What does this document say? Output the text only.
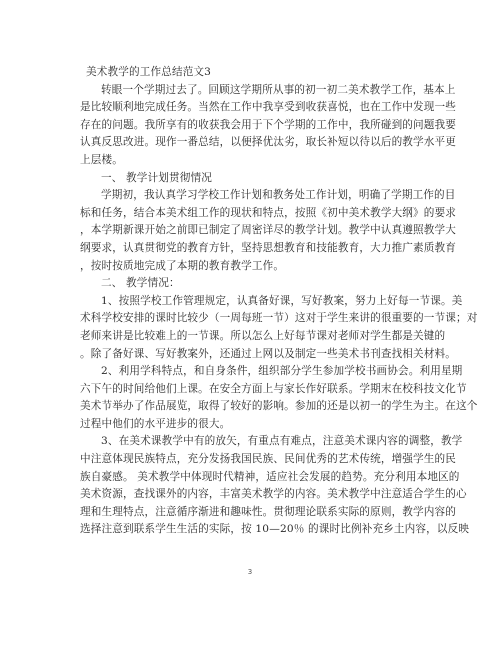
美术教学的工作总结范文3
转眼一个学期过去了。回顾这学期所从事的初一初二美术教学工作，基本上
是比较顺利地完成任务。当然在工作中我享受到收获喜悦，也在工作中发现一些
存在的问题。我所享有的收获我会用于下个学期的工作中，我所碰到的问题我要
认真反思改进。现作一番总结，以便择优汰劣，取长补短以待以后的教学水平更
上层楼。
一、 教学计划贯彻情况
学期初，我认真学习学校工作计划和教务处工作计划，明确了学期工作的目
标和任务，结合本美术组工作的现状和特点，按照《初中美术教学大纲》的要求
，本学期新课开始之前即已制定了周密详尽的教学计划。教学中认真遵照教学大
纲要求，认真贯彻党的教育方针，坚持思想教育和技能教育，大力推广素质教育
，按时按质地完成了本期的教育教学工作。
二、 教学情况：
1、按照学校工作管理规定，认真备好课，写好教案，努力上好每一节课。美
术科学校安排的课时比较少（一周每班一节）这对于学生来讲的很重要的一节课；对
老师来讲是比较难上的一节课。所以怎么上好每节课对老师对学生都是关键的
。除了备好课、写好教案外，还通过上网以及制定一些美术书刊查找相关材料。
2、利用学科特点，和自身条件，组织部分学生参加学校书画协会。利用星期
六下午的时间给他们上课。在安全方面上与家长作好联系。学期末在校科技文化节
美术节举办了作品展览，取得了较好的影响。参加的还是以初一的学生为主。在这个
过程中他们的水平进步的很大。
3、在美术课教学中有的放矢，有重点有难点，注意美术课内容的调整，教学
中注意体现民族特点，充分发扬我国民族、民间优秀的艺术传统，增强学生的民
族自豪感。 美术教学中体现时代精神，适应社会发展的趋势。充分利用本地区的
美术资源，查找课外的内容，丰富美术教学的内容。美术教学中注意适合学生的心
理和生理特点，注意循序渐进和趣味性。贯彻理论联系实际的原则，教学内容的
选择注意到联系学生生活的实际，按 10—20％ 的课时比例补充乡土内容，以反映
3
